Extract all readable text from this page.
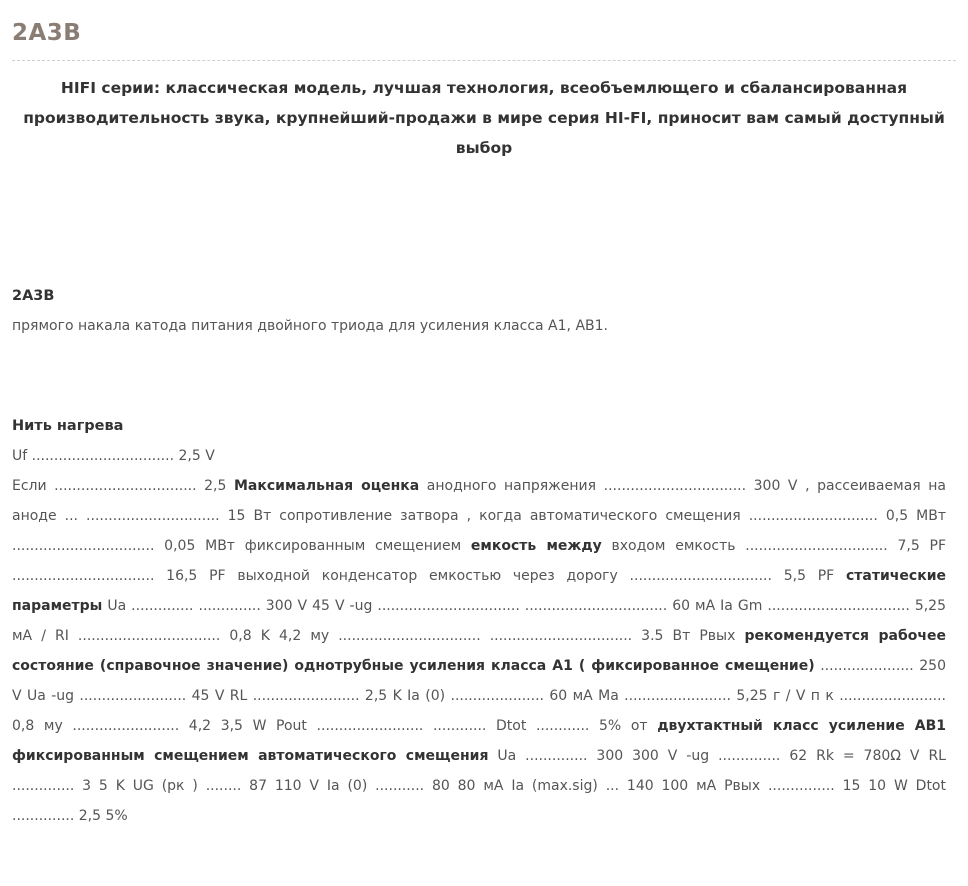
2A3B
HIFI серии: классическая модель, лучшая технология, всеобъемлющего и сбалансированная производительность звука, крупнейший-продажи в мире серия HI-FI, приносит вам самый доступный выбор
2A3B
прямого накала катода питания двойного триода для усиления класса A1, AB1.
Нить нагрева
Uf ................................ 2,5 V
Если ................................ 2,5 Максимальная оценка анодного напряжения ................................ 300 V , рассеиваемая на
аноде ... .............................. 15 Вт сопротивление затвора , когда автоматического смещения ............................. 0,5 МВт
................................ 0,05 МВт фиксированным смещением емкость между входом емкость ................................ 7,5 PF
................................ 16,5 PF выходной конденсатор емкостью через дорогу ................................ 5,5 PF статические
параметры Ua .............. .............. 300 V 45 V -ug ................................ ................................ 60 мА Ia Gm ................................ 5,25
мА / RI ................................ 0,8 K 4,2 му ................................ ................................ 3.5 Вт Pвых рекомендуется рабочее
состояние (справочное значение) однотрубные усиления класса A1 ( фиксированное смещение) ..................... 250
V Ua -ug ........................ 45 V RL ........................ 2,5 K Ia (0) ..................... 60 мА Ma ........................ 5,25 г / V п к ........................
0,8 му ........................ 4,2 3,5 W Pout ........................ ............ Dtot ............ 5% от двухтактный класс усиление AB1
фиксированным смещением автоматического смещения Ua .............. 300 300 V -ug .............. 62 Rk = 780Ω V RL
.............. 3 5 K UG (рк ) ........ 87 110 V Ia (0) ........... 80 80 мА Ia (max.sig) ... 140 100 мА Pвых ............... 15 10 W Dtot
.............. 2,5 5%
